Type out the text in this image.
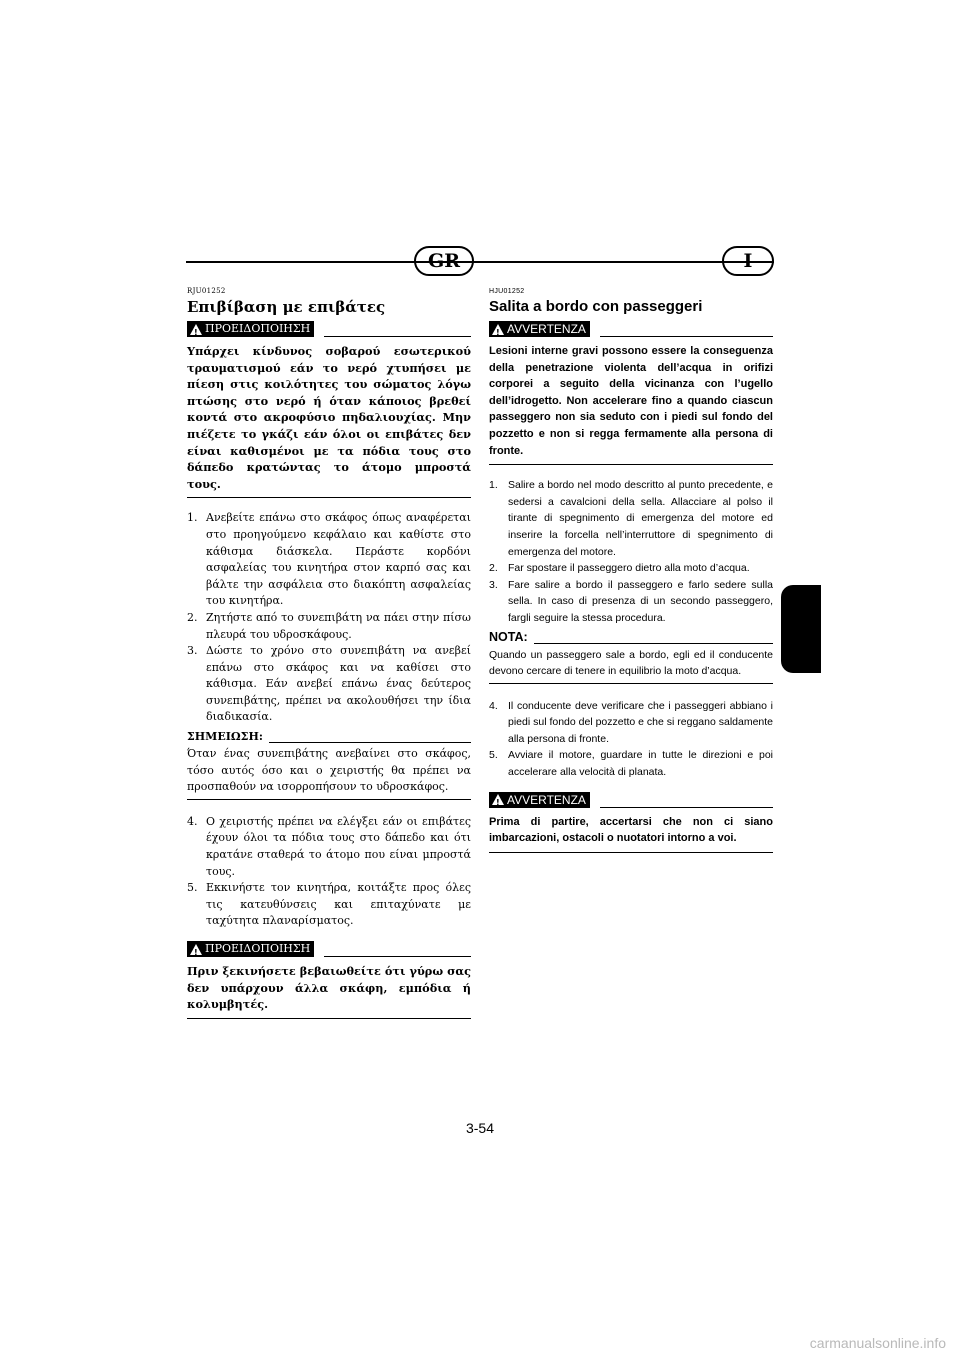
GR	I

RJU01252

Επιβίβαση με επιβάτες
!
ΠΡΟΕΙΔΟΠΟΙΗΣΗ

Υπάρχει κίνδυνος σοβαρού εσωτερικού τραυματισμού εάν το νερό χτυπήσει με πίεση στις κοιλότητες του σώματος λόγω πτώσης στο νερό ή όταν κάποιος βρεθεί κοντά στο ακροφύσιο πηδαλιουχίας. Μην πιέζετε το γκάζι εάν όλοι οι επιβάτες δεν είναι καθισμένοι με τα πόδια τους στο δάπεδο κρατώντας το άτομο μπροστά τους.

1. Ανεβείτε επάνω στο σκάφος όπως αναφέρεται στο προηγούμενο κεφάλαιο και καθίστε στο κάθισμα διάσκελα. Περάστε κορδόνι ασφαλείας του κινητήρα στον καρπό σας και βάλτε την ασφάλεια στο διακόπτη ασφαλείας του κινητήρα.
2. Ζητήστε από το συνεπιβάτη να πάει στην πίσω πλευρά του υδροσκάφους.
3. Δώστε το χρόνο στο συνεπιβάτη να ανεβεί επάνω στο σκάφος και να καθίσει στο κάθισμα. Εάν ανεβεί επάνω ένας δεύτερος συνεπιβάτης, πρέπει να ακολουθήσει την ίδια διαδικασία.
ΣΗΜΕΙΩΣΗ:

Όταν ένας συνεπιβάτης ανεβαίνει στο σκάφος, τόσο αυτός όσο και ο χειριστής θα πρέπει να προσπαθούν να ισορροπήσουν το υδροσκάφος.

4. Ο χειριστής πρέπει να ελέγξει εάν οι επιβάτες έχουν όλοι τα πόδια τους στο δάπεδο και ότι κρατάνε σταθερά το άτομο που είναι μπροστά τους.
5. Εκκινήστε τον κινητήρα, κοιτάξτε προς όλες τις κατευθύνσεις και επιταχύνατε με ταχύτητα πλαναρίσματος.
!
ΠΡΟΕΙΔΟΠΟΙΗΣΗ

Πριν ξεκινήσετε βεβαιωθείτε ότι γύρω σας δεν υπάρχουν άλλα σκάφη, εμπόδια ή κολυμβητές.

HJU01252

Salita a bordo con passeggeri
!
AVVERTENZA

Lesioni interne gravi possono essere la conseguenza della penetrazione violenta dell’acqua in orifizi corporei a seguito della vicinanza con l’ugello dell’idrogetto. Non accelerare fino a quando ciascun passeggero non sia seduto con i piedi sul fondo del pozzetto e non si regga fermamente alla persona di fronte.

1. Salire a bordo nel modo descritto al punto precedente, e sedersi a cavalcioni della sella. Allacciare al polso il tirante di spegnimento di emergenza del motore ed inserire la forcella nell’interruttore di spegnimento di emergenza del motore.
2. Far spostare il passeggero dietro alla moto d’acqua.
3. Fare salire a bordo il passeggero e farlo sedere sulla sella. In caso di presenza di un secondo passeggero, fargli seguire la stessa procedura.
NOTA:

Quando un passeggero sale a bordo, egli ed il conducente devono cercare di tenere in equilibrio la moto d’acqua.

4. Il conducente deve verificare che i passeggeri abbiano i piedi sul fondo del pozzetto e che si reggano saldamente alla persona di fronte.
5. Avviare il motore, guardare in tutte le direzioni e poi accelerare alla velocità di planata.
!
AVVERTENZA

Prima di partire, accertarsi che non ci siano imbarcazioni, ostacoli o nuotatori intorno a voi.

3-54
carmanualsonline.info
